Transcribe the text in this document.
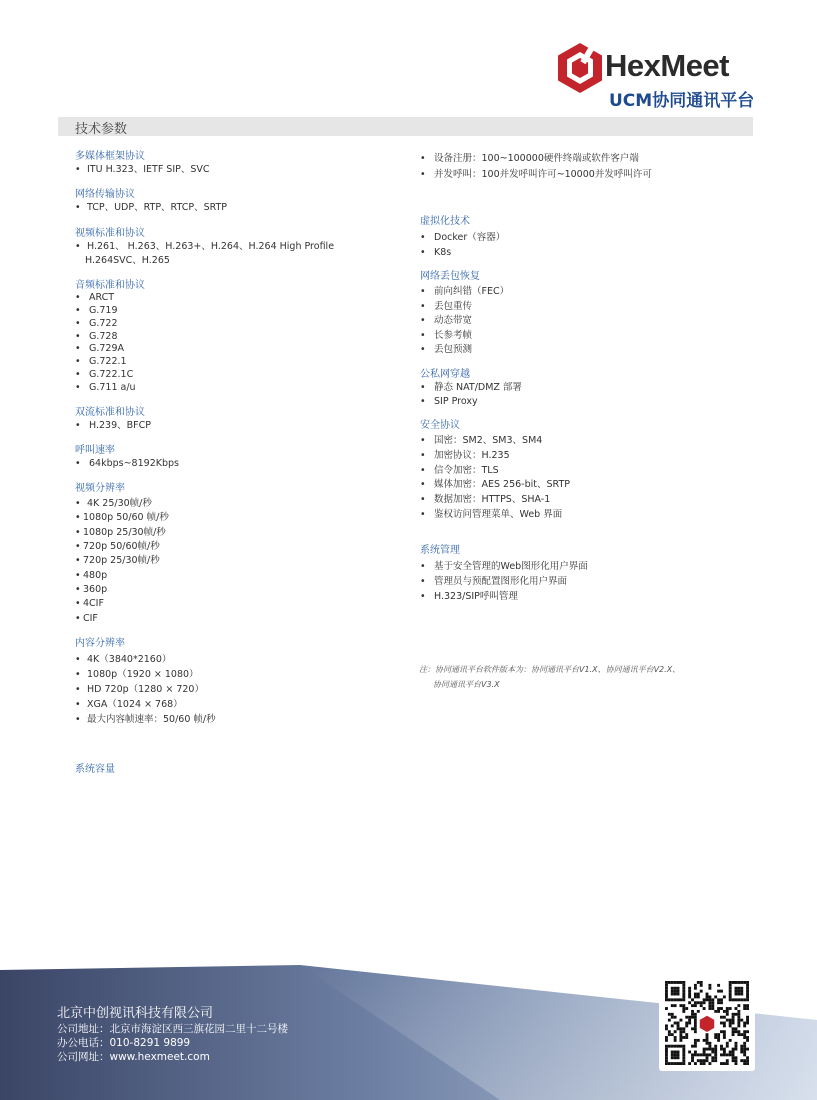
HexMeet
UCM协同通讯平台
技术参数
多媒体框架协议
• ITU H.323、IETF SIP、SVC
网络传输协议
• TCP、UDP、RTP、RTCP、SRTP
视频标准和协议
• H.261、 H.263、H.263+、H.264、H.264 High Profile
H.264SVC、H.265
音频标准和协议
• ARCT
• G.719
• G.722
• G.728
• G.729A
• G.722.1
• G.722.1C
• G.711 a/u
双流标准和协议
• H.239、BFCP
呼叫速率
• 64kbps~8192Kbps
视频分辨率
• 4K 25/30帧/秒
• 1080p 50/60 帧/秒
• 1080p 25/30帧/秒
• 720p 50/60帧/秒
• 720p 25/30帧/秒
• 480p
• 360p
• 4CIF
• CIF
内容分辨率
• 4K（3840*2160）
• 1080p（1920 × 1080）
• HD 720p（1280 × 720）
• XGA（1024 × 768）
• 最大内容帧速率：50/60 帧/秒
• 设备注册：100~100000硬件终端或软件客户端
• 并发呼叫：100并发呼叫许可~10000并发呼叫许可
虚拟化技术
• Docker（容器）
• K8s
网络丢包恢复
• 前向纠错（FEC）
• 丢包重传
• 动态带宽
• 长参考帧
• 丢包预测
公私网穿越
• 静态 NAT/DMZ 部署
• SIP Proxy
安全协议
• 国密：SM2、SM3、SM4
• 加密协议：H.235
• 信令加密：TLS
• 媒体加密：AES 256-bit、SRTP
• 数据加密：HTTPS、SHA-1
• 鉴权访问管理菜单、Web 界面
系统管理
• 基于安全管理的Web图形化用户界面
• 管理员与预配置图形化用户界面
• H.323/SIP呼叫管理
注：协同通讯平台软件版本为：协同通讯平台V1.X、协同通讯平台V2.X、
协同通讯平台V3.X
系统容量
北京中创视讯科技有限公司
公司地址：北京市海淀区西三旗花园二里十二号楼
办公电话：010-8291 9899
公司网址：www.hexmeet.com
